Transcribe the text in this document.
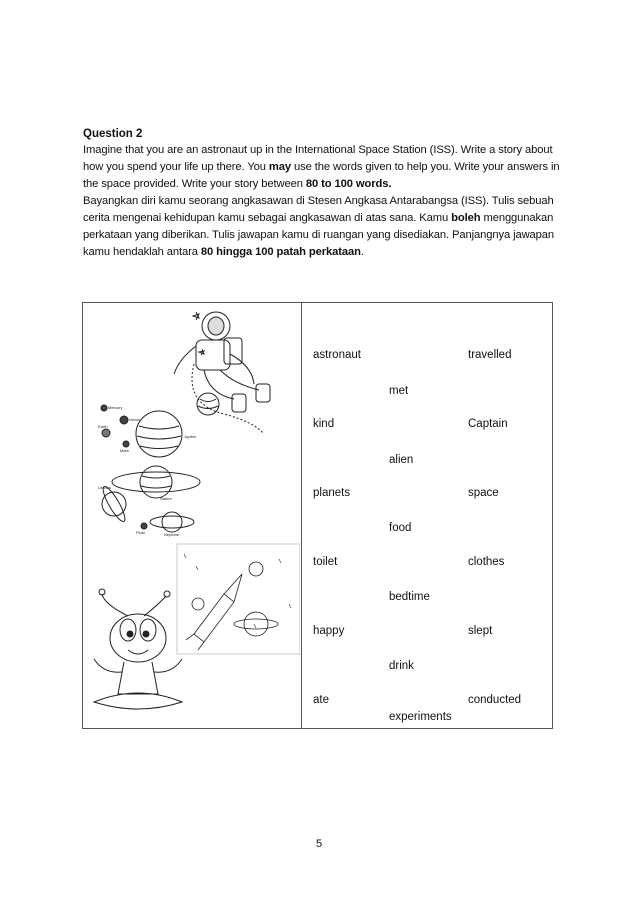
Question 2

Imagine that you are an astronaut up in the International Space Station (ISS). Write a story about how you spend your life up there. You may use the words given to help you. Write your answers in the space provided. Write your story between 80 to 100 words.

Bayangkan diri kamu seorang angkasawan di Stesen Angkasa Antarabangsa (ISS). Tulis sebuah cerita mengenai kehidupan kamu sebagai angkasawan di atas sana. Kamu boleh menggunakan perkataan yang diberikan. Tulis jawapan kamu di ruangan yang disediakan. Panjangnya jawapan kamu hendaklah antara 80 hingga 100 patah perkataan.

Mercury
Venus
Earth
Mars
Jupiter
Saturn
Uranus
Neptune
Pluto
astronaut	travelled
met
kind	Captain
alien
planets	space
food
toilet	clothes
bedtime
happy	slept
drink
ate	conducted
experiments
5
